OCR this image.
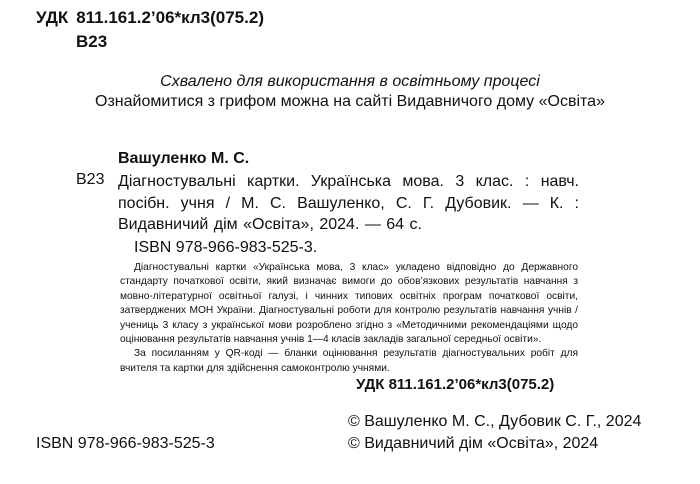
УДК 811.161.2’06*кл3(075.2)
В23
Схвалено для використання в освітньому процесі
Ознайомитися з грифом можна на сайті Видавничого дому «Освіта»
Вашуленко М. С.
В23 Діагностувальні картки. Українська мова. 3 клас. : навч. посібн. учня / М. С. Вашуленко, С. Г. Дубовик. — К. : Видавничий дім «Освіта», 2024. — 64 с.
ISBN 978-966-983-525-3.

Діагностувальні картки «Українська мова, 3 клас» укладено відповідно до Державного стандарту початкової освіти, який визначає вимоги до обов’язкових результатів навчання з мовно-літературної освітньої галузі, і чинних типових освітніх програм початкової освіти, затверджених МОН України. Діагностувальні роботи для контролю результатів навчання учнів / учениць 3 класу з української мови розроблено згідно з «Методичними рекомендаціями щодо оцінювання результатів навчання учнів 1—4 класів закладів загальної середньої освіти».

За посиланням у QR-коді — бланки оцінювання результатів діагностувальних робіт для вчителя та картки для здійснення самоконтролю учнями.

УДК 811.161.2’06*кл3(075.2)
© Вашуленко М. С., Дубовик С. Г., 2024
© Видавничий дім «Освіта», 2024
ISBN 978-966-983-525-3
